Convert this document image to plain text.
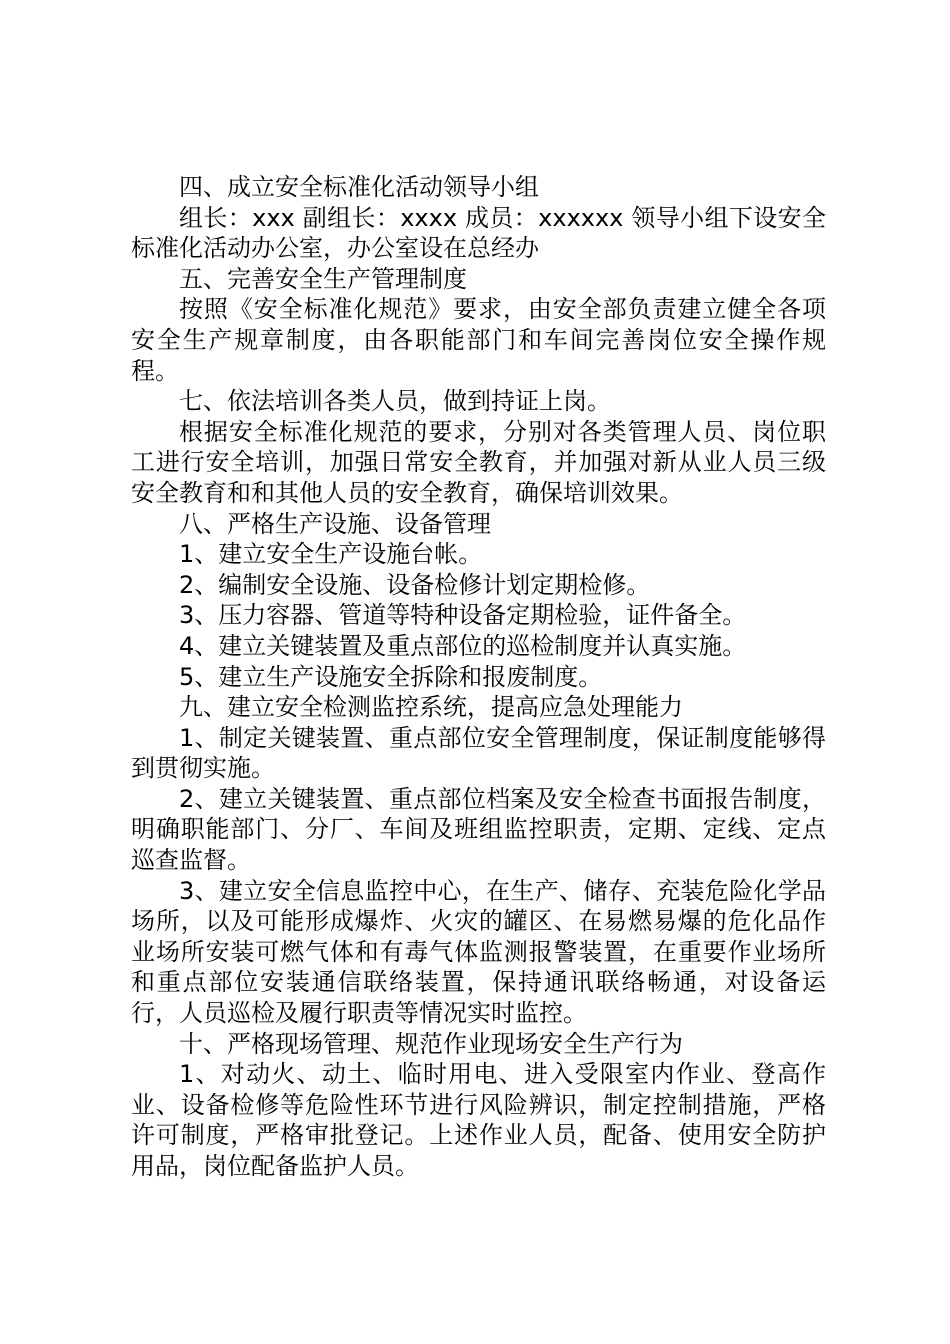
四、成立安全标准化活动领导小组

组长：xxx 副组长：xxxx 成员：xxxxxx 领导小组下设安全标准化活动办公室，办公室设在总经办

五、完善安全生产管理制度

按照《安全标准化规范》要求，由安全部负责建立健全各项安全生产规章制度，由各职能部门和车间完善岗位安全操作规程。

七、依法培训各类人员，做到持证上岗。

根据安全标准化规范的要求，分别对各类管理人员、岗位职工进行安全培训，加强日常安全教育，并加强对新从业人员三级安全教育和和其他人员的安全教育，确保培训效果。

八、严格生产设施、设备管理

1、建立安全生产设施台帐。

2、编制安全设施、设备检修计划定期检修。

3、压力容器、管道等特种设备定期检验，证件备全。

4、建立关键装置及重点部位的巡检制度并认真实施。

5、建立生产设施安全拆除和报废制度。

九、建立安全检测监控系统，提高应急处理能力

1、制定关键装置、重点部位安全管理制度，保证制度能够得到贯彻实施。

2、建立关键装置、重点部位档案及安全检查书面报告制度，明确职能部门、分厂、车间及班组监控职责，定期、定线、定点巡查监督。

3、建立安全信息监控中心，在生产、储存、充装危险化学品场所，以及可能形成爆炸、火灾的罐区、在易燃易爆的危化品作业场所安装可燃气体和有毒气体监测报警装置，在重要作业场所和重点部位安装通信联络装置，保持通讯联络畅通，对设备运行，人员巡检及履行职责等情况实时监控。

十、严格现场管理、规范作业现场安全生产行为

1、对动火、动土、临时用电、进入受限室内作业、登高作业、设备检修等危险性环节进行风险辨识，制定控制措施，严格许可制度，严格审批登记。上述作业人员，配备、使用安全防护用品，岗位配备监护人员。
